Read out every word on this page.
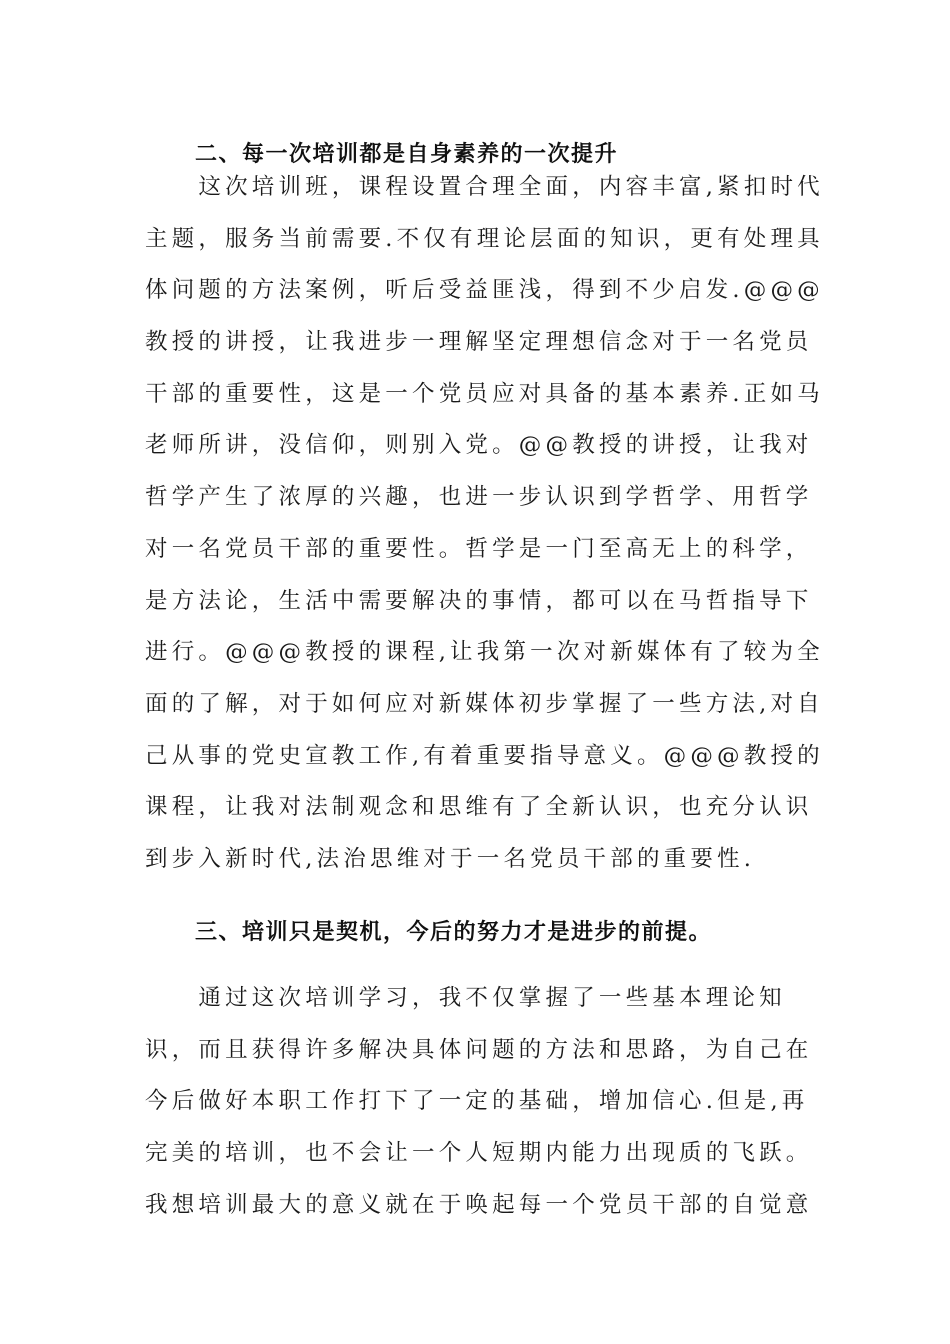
二、每一次培训都是自身素养的一次提升
　　这次培训班，课程设置合理全面，内容丰富,紧扣时代
主题，服务当前需要.不仅有理论层面的知识，更有处理具
体问题的方法案例，听后受益匪浅，得到不少启发.@@@
教授的讲授，让我进步一理解坚定理想信念对于一名党员
干部的重要性，这是一个党员应对具备的基本素养.正如马
老师所讲，没信仰，则别入党。@@教授的讲授，让我对
哲学产生了浓厚的兴趣，也进一步认识到学哲学、用哲学
对一名党员干部的重要性。哲学是一门至高无上的科学，
是方法论，生活中需要解决的事情，都可以在马哲指导下
进行。@@@教授的课程,让我第一次对新媒体有了较为全
面的了解，对于如何应对新媒体初步掌握了一些方法,对自
己从事的党史宣教工作,有着重要指导意义。@@@教授的
课程，让我对法制观念和思维有了全新认识，也充分认识
到步入新时代,法治思维对于一名党员干部的重要性.
三、培训只是契机，今后的努力才是进步的前提。
　　通过这次培训学习，我不仅掌握了一些基本理论知
识，而且获得许多解决具体问题的方法和思路，为自己在
今后做好本职工作打下了一定的基础，增加信心.但是,再
完美的培训，也不会让一个人短期内能力出现质的飞跃。
我想培训最大的意义就在于唤起每一个党员干部的自觉意
